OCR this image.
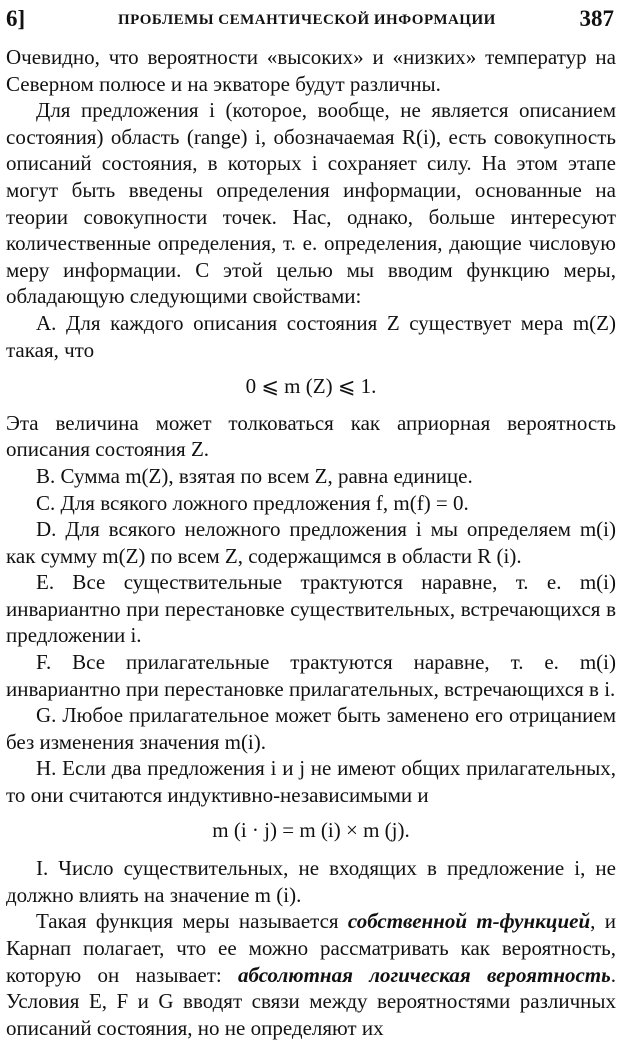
6]	ПРОБЛЕМЫ СЕМАНТИЧЕСКОЙ ИНФОРМАЦИИ	387

Очевидно, что вероятности «высоких» и «низких» температур на Северном полюсе и на экваторе будут различны.

Для предложения i (которое, вообще, не является описанием состояния) область (range) i, обозначаемая R(i), есть совокупность описаний состояния, в которых i сохраняет силу. На этом этапе могут быть введены определения информации, основанные на теории совокупности точек. Нас, однако, больше интересуют количественные определения, т. е. определения, дающие числовую меру информации. С этой целью мы вводим функцию меры, обладающую следующими свойствами:

A. Для каждого описания состояния Z существует мера m(Z) такая, что

0 ⩽ m (Z) ⩽ 1.

Эта величина может толковаться как априорная вероятность описания состояния Z.

B. Сумма m(Z), взятая по всем Z, равна единице.

C. Для всякого ложного предложения f, m(f) = 0.

D. Для всякого неложного предложения i мы определяем m(i) как сумму m(Z) по всем Z, содержащимся в области R (i).

E. Все существительные трактуются наравне, т. е. m(i) инвариантно при перестановке существительных, встречающихся в предложении i.

F. Все прилагательные трактуются наравне, т. е. m(i) инвариантно при перестановке прилагательных, встречающихся в i.

G. Любое прилагательное может быть заменено его отрицанием без изменения значения m(i).

H. Если два предложения i и j не имеют общих прилагательных, то они считаются индуктивно-независимыми и

m (i · j) = m (i) × m (j).

I. Число существительных, не входящих в предложение i, не должно влиять на значение m (i).

Такая функция меры называется собственной m-функцией, и Карнап полагает, что ее можно рассматривать как вероятность, которую он называет: абсолютная логическая вероятность. Условия E, F и G вводят связи между вероятностями различных описаний состояния, но не определяют их
